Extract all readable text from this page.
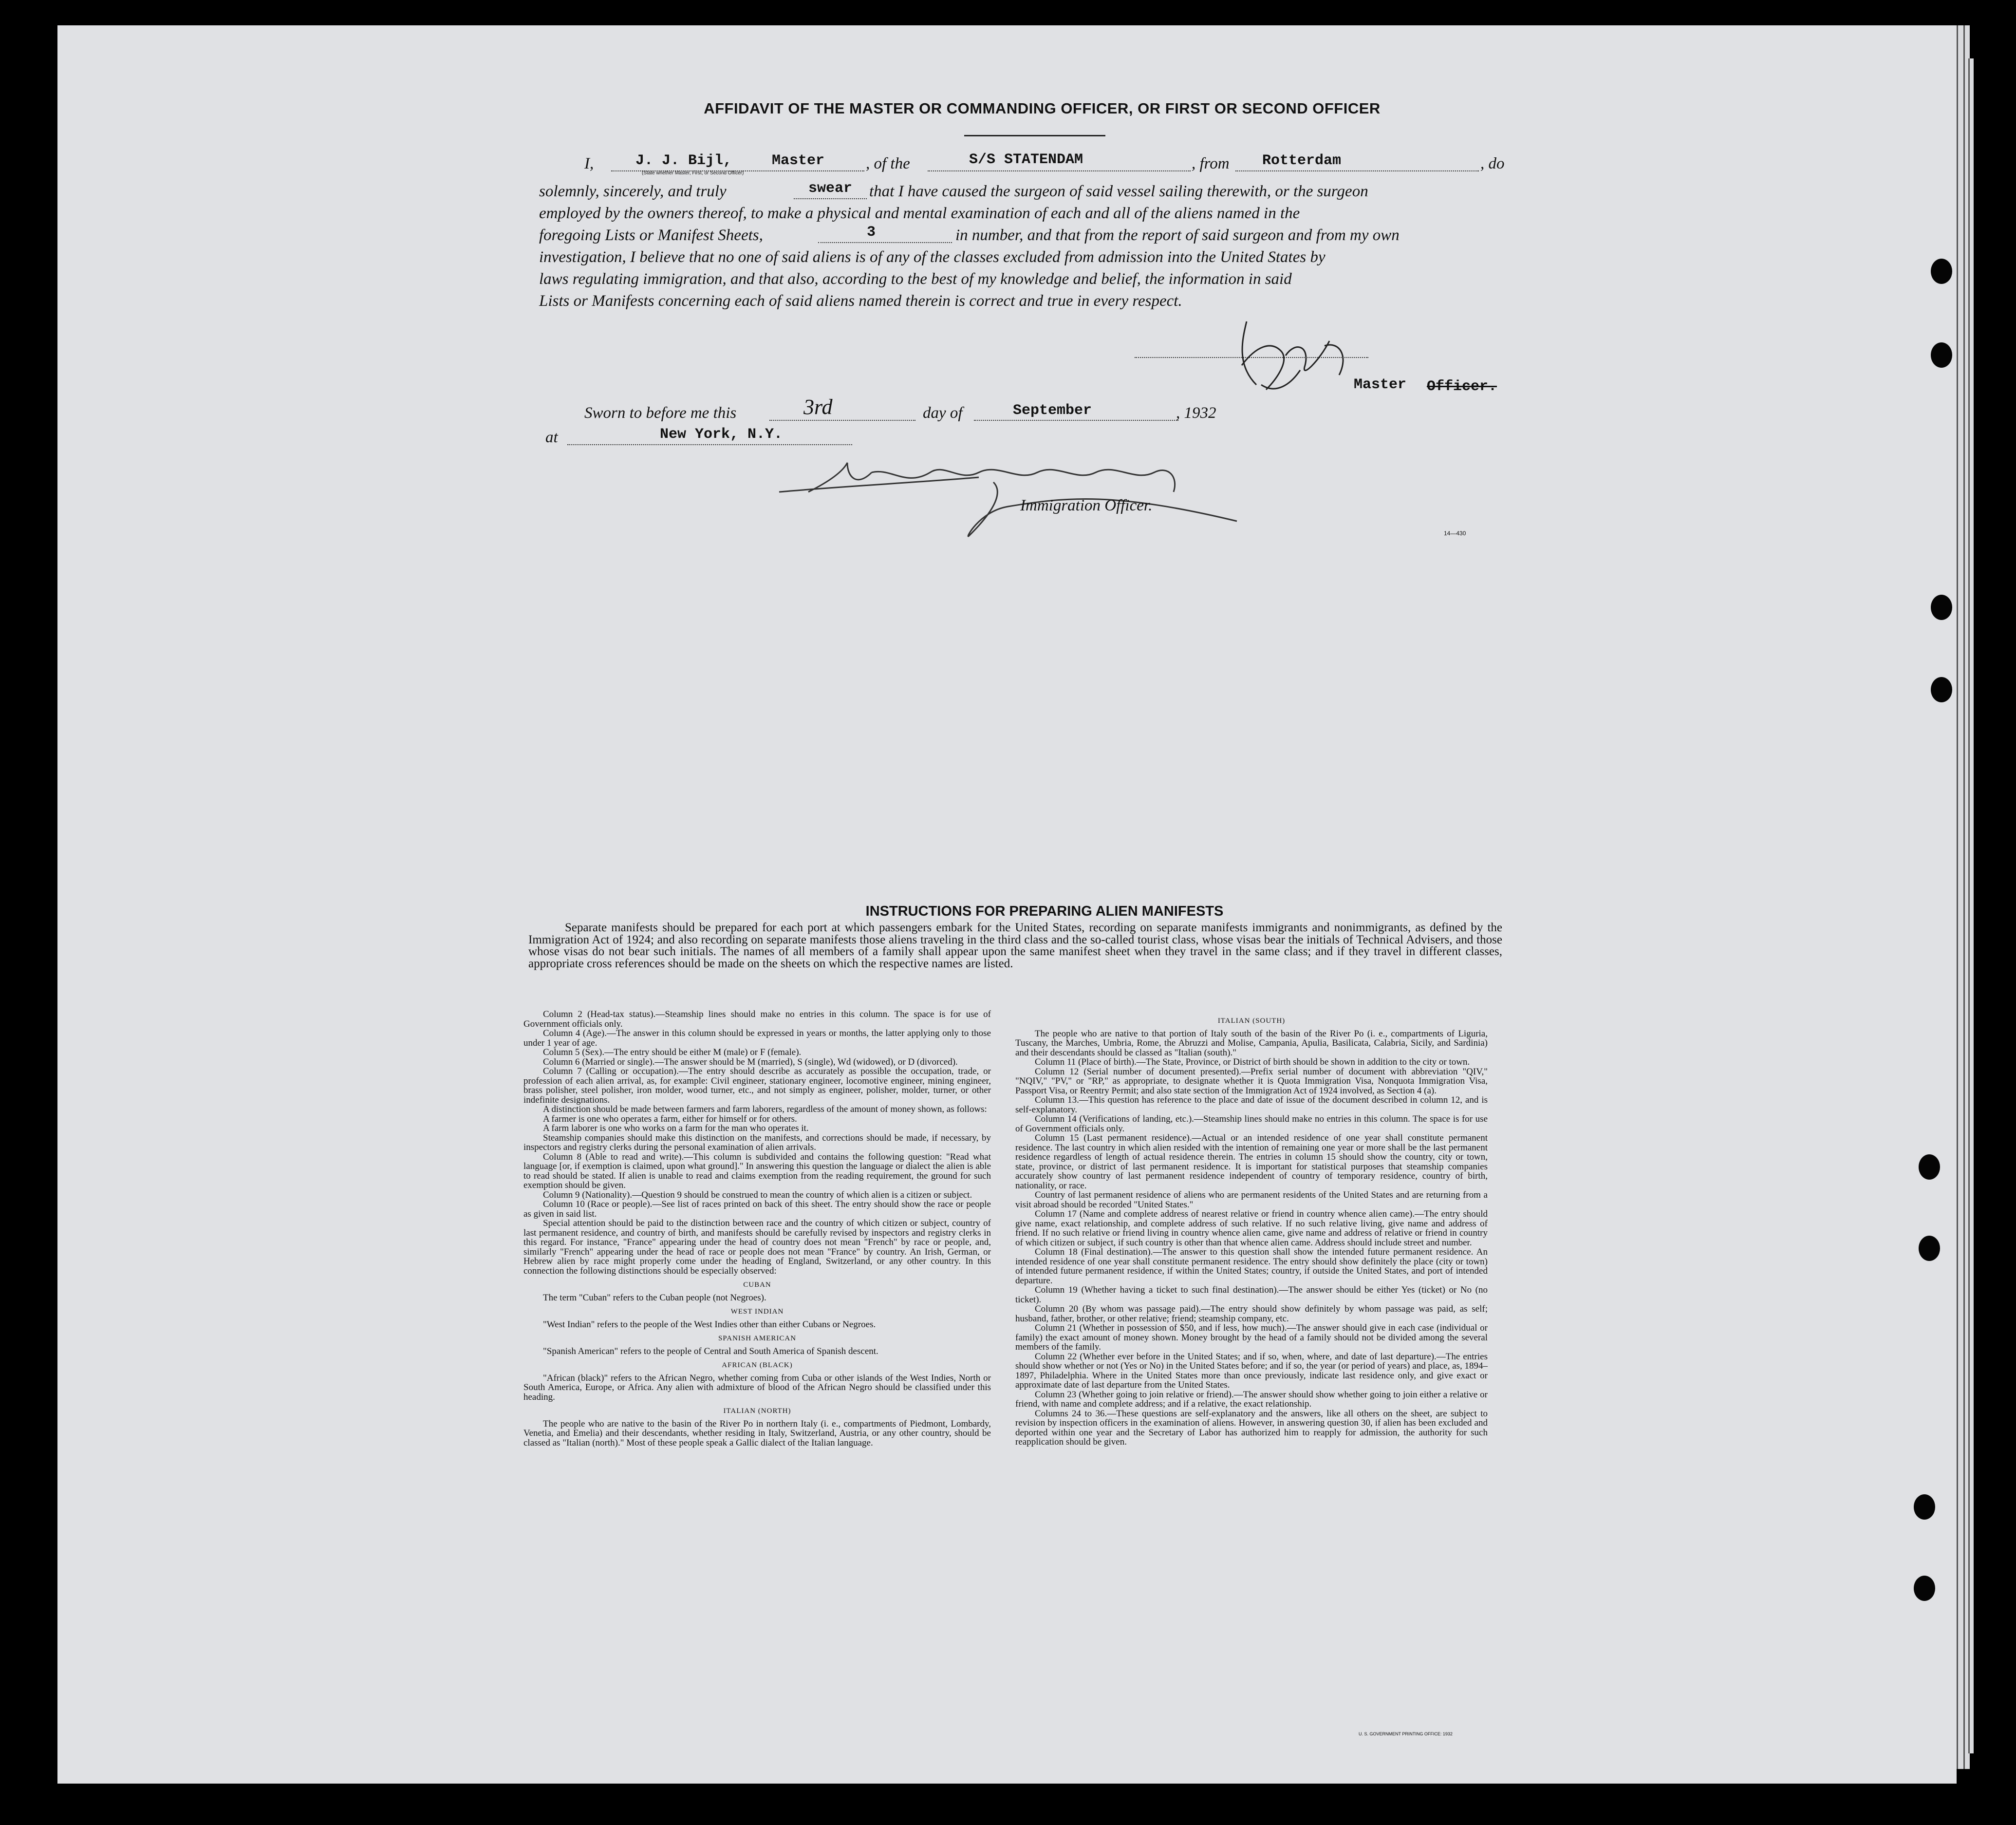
AFFIDAVIT OF THE MASTER OR COMMANDING OFFICER, OR FIRST OR SECOND OFFICER
I,	J. J. Bijl,	Master
(State whether Master, First, or Second Officer)
, of the	S/S STATENDAM	, from Rotterdam	, do
solemnly, sincerely, and truly	swear that I have caused the surgeon of said vessel sailing therewith, or the surgeon
employed by the owners thereof, to make a physical and mental examination of each and all of the aliens named in the
foregoing Lists or Manifest Sheets,	3	in number, and that from the report of said surgeon and from my own
investigation, I believe that no one of said aliens is of any of the classes excluded from admission into the United States by
laws regulating immigration, and that also, according to the best of my knowledge and belief, the information in said
Lists or Manifests concerning each of said aliens named therein is correct and true in every respect.
Master Officer.
Sworn to before me this	3rd	day of	September	, 1932
at	New York, N.Y.
Immigration Officer.
14—430
INSTRUCTIONS FOR PREPARING ALIEN MANIFESTS
Separate manifests should be prepared for each port at which passengers embark for the United States, recording on separate manifests immigrants and nonimmigrants, as defined by the Immigration Act of 1924; and also recording on separate manifests those aliens traveling in the third class and the so-called tourist class, whose visas bear the initials of Technical Advisers, and those whose visas do not bear such initials. The names of all members of a family shall appear upon the same manifest sheet when they travel in the same class; and if they travel in different classes, appropriate cross references should be made on the sheets on which the respective names are listed.

Column 2 (Head-tax status).—Steamship lines should make no entries in this column. The space is for use of Government officials only.

Column 4 (Age).—The answer in this column should be expressed in years or months, the latter applying only to those under 1 year of age.

Column 5 (Sex).—The entry should be either M (male) or F (female).

Column 6 (Married or single).—The answer should be M (married), S (single), Wd (widowed), or D (divorced).

Column 7 (Calling or occupation).—The entry should describe as accurately as possible the occupation, trade, or profession of each alien arrival, as, for example: Civil engineer, stationary engineer, locomotive engineer, mining engineer, brass polisher, steel polisher, iron molder, wood turner, etc., and not simply as engineer, polisher, molder, turner, or other indefinite designations.

A distinction should be made between farmers and farm laborers, regardless of the amount of money shown, as follows:

A farmer is one who operates a farm, either for himself or for others.

A farm laborer is one who works on a farm for the man who operates it.

Steamship companies should make this distinction on the manifests, and corrections should be made, if necessary, by inspectors and registry clerks during the personal examination of alien arrivals.

Column 8 (Able to read and write).—This column is subdivided and contains the following question: "Read what language [or, if exemption is claimed, upon what ground]." In answering this question the language or dialect the alien is able to read should be stated. If alien is unable to read and claims exemption from the reading requirement, the ground for such exemption should be given.

Column 9 (Nationality).—Question 9 should be construed to mean the country of which alien is a citizen or subject.

Column 10 (Race or people).—See list of races printed on back of this sheet. The entry should show the race or people as given in said list.

Special attention should be paid to the distinction between race and the country of which citizen or subject, country of last permanent residence, and country of birth, and manifests should be carefully revised by inspectors and registry clerks in this regard. For instance, "France" appearing under the head of country does not mean "French" by race or people, and, similarly "French" appearing under the head of race or people does not mean "France" by country. An Irish, German, or Hebrew alien by race might properly come under the heading of England, Switzerland, or any other country. In this connection the following distinctions should be especially observed:

CUBAN

The term "Cuban" refers to the Cuban people (not Negroes).

WEST INDIAN

"West Indian" refers to the people of the West Indies other than either Cubans or Negroes.

SPANISH AMERICAN

"Spanish American" refers to the people of Central and South America of Spanish descent.

AFRICAN (BLACK)

"African (black)" refers to the African Negro, whether coming from Cuba or other islands of the West Indies, North or South America, Europe, or Africa. Any alien with admixture of blood of the African Negro should be classified under this heading.

ITALIAN (NORTH)

The people who are native to the basin of the River Po in northern Italy (i. e., compartments of Piedmont, Lombardy, Venetia, and Emelia) and their descendants, whether residing in Italy, Switzerland, Austria, or any other country, should be classed as "Italian (north)." Most of these people speak a Gallic dialect of the Italian language.

ITALIAN (SOUTH)

The people who are native to that portion of Italy south of the basin of the River Po (i. e., compartments of Liguria, Tuscany, the Marches, Umbria, Rome, the Abruzzi and Molise, Campania, Apulia, Basilicata, Calabria, Sicily, and Sardinia) and their descendants should be classed as "Italian (south)."

Column 11 (Place of birth).—The State, Province, or District of birth should be shown in addition to the city or town.

Column 12 (Serial number of document presented).—Prefix serial number of document with abbreviation "QIV," "NQIV," "PV," or "RP," as appropriate, to designate whether it is Quota Immigration Visa, Nonquota Immigration Visa, Passport Visa, or Reentry Permit; and also state section of the Immigration Act of 1924 involved, as Section 4 (a).

Column 13.—This question has reference to the place and date of issue of the document described in column 12, and is self-explanatory.

Column 14 (Verifications of landing, etc.).—Steamship lines should make no entries in this column. The space is for use of Government officials only.

Column 15 (Last permanent residence).—Actual or an intended residence of one year shall constitute permanent residence. The last country in which alien resided with the intention of remaining one year or more shall be the last permanent residence regardless of length of actual residence therein. The entries in column 15 should show the country, city or town, state, province, or district of last permanent residence. It is important for statistical purposes that steamship companies accurately show country of last permanent residence independent of country of temporary residence, country of birth, nationality, or race.

Country of last permanent residence of aliens who are permanent residents of the United States and are returning from a visit abroad should be recorded "United States."

Column 17 (Name and complete address of nearest relative or friend in country whence alien came).—The entry should give name, exact relationship, and complete address of such relative. If no such relative living, give name and address of friend. If no such relative or friend living in country whence alien came, give name and address of relative or friend in country of which citizen or subject, if such country is other than that whence alien came. Address should include street and number.

Column 18 (Final destination).—The answer to this question shall show the intended future permanent residence. An intended residence of one year shall constitute permanent residence. The entry should show definitely the place (city or town) of intended future permanent residence, if within the United States; country, if outside the United States, and port of intended departure.

Column 19 (Whether having a ticket to such final destination).—The answer should be either Yes (ticket) or No (no ticket).

Column 20 (By whom was passage paid).—The entry should show definitely by whom passage was paid, as self; husband, father, brother, or other relative; friend; steamship company, etc.

Column 21 (Whether in possession of $50, and if less, how much).—The answer should give in each case (individual or family) the exact amount of money shown. Money brought by the head of a family should not be divided among the several members of the family.

Column 22 (Whether ever before in the United States; and if so, when, where, and date of last departure).—The entries should show whether or not (Yes or No) in the United States before; and if so, the year (or period of years) and place, as, 1894–1897, Philadelphia. Where in the United States more than once previously, indicate last residence only, and give exact or approximate date of last departure from the United States.

Column 23 (Whether going to join relative or friend).—The answer should show whether going to join either a relative or friend, with name and complete address; and if a relative, the exact relationship.

Columns 24 to 36.—These questions are self-explanatory and the answers, like all others on the sheet, are subject to revision by inspection officers in the examination of aliens. However, in answering question 30, if alien has been excluded and deported within one year and the Secretary of Labor has authorized him to reapply for admission, the authority for such reapplication should be given.

U. S. GOVERNMENT PRINTING OFFICE: 1932
